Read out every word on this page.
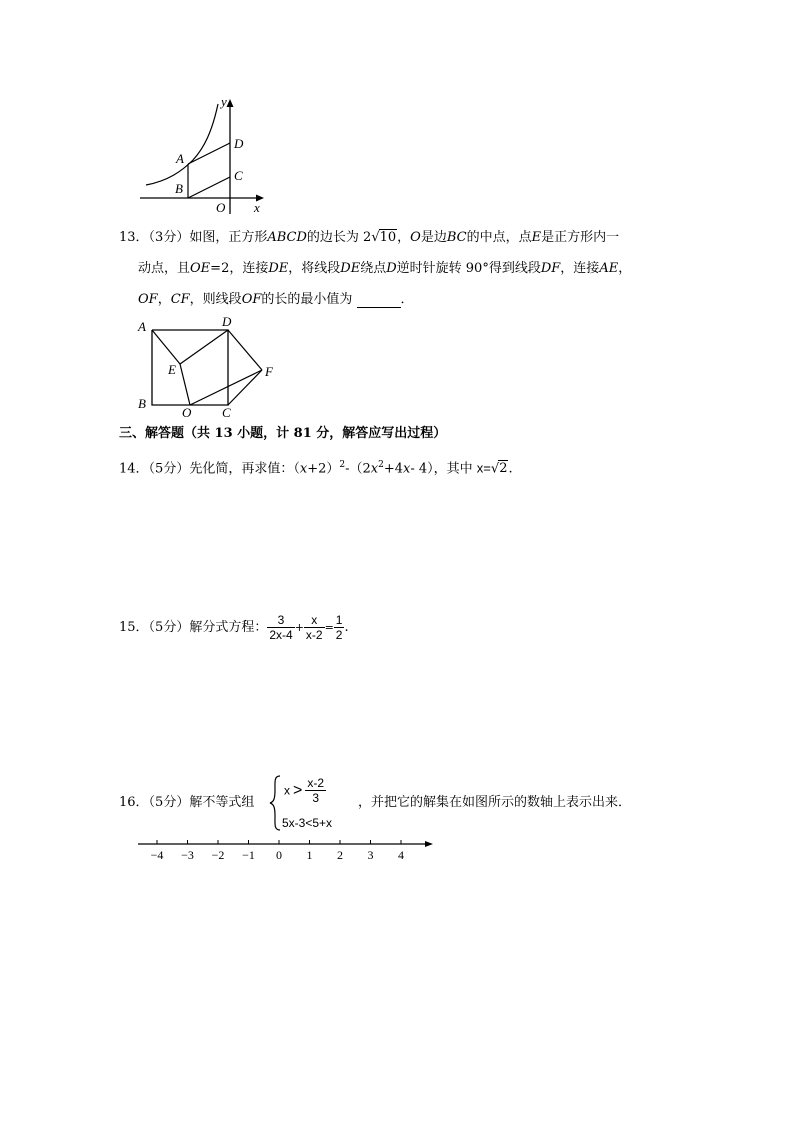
y
x
O
A
B
C
D
13．（3分）如图，正方形ABCD的边长为 2√10，O是边BC的中点，点E是正方形内一
动点，且OE=2，连接DE，将线段DE绕点D逆时针旋转 90°得到线段DF，连接AE，
OF，CF，则线段OF的长的最小值为	．
A
B
C
D
E	F
O
三、解答题（共 13 小题，计 81 分，解答应写出过程）
14．（5分）先化简，再求值：$(x+2)^2-(2x^2+4x-$ 4），其中 x=√2.
15．（5分）解分式方程： $\frac{3}{2x-4} + \frac{x}{x-2} = \frac{1}{2}$ .
16．（5分）解不等式组
$x > \frac{x-2}{3}$
5x-3<5+x
，并把它的解集在如图所示的数轴上表示出来．
−4 −3 −2 −1 0 1 2 3 4
